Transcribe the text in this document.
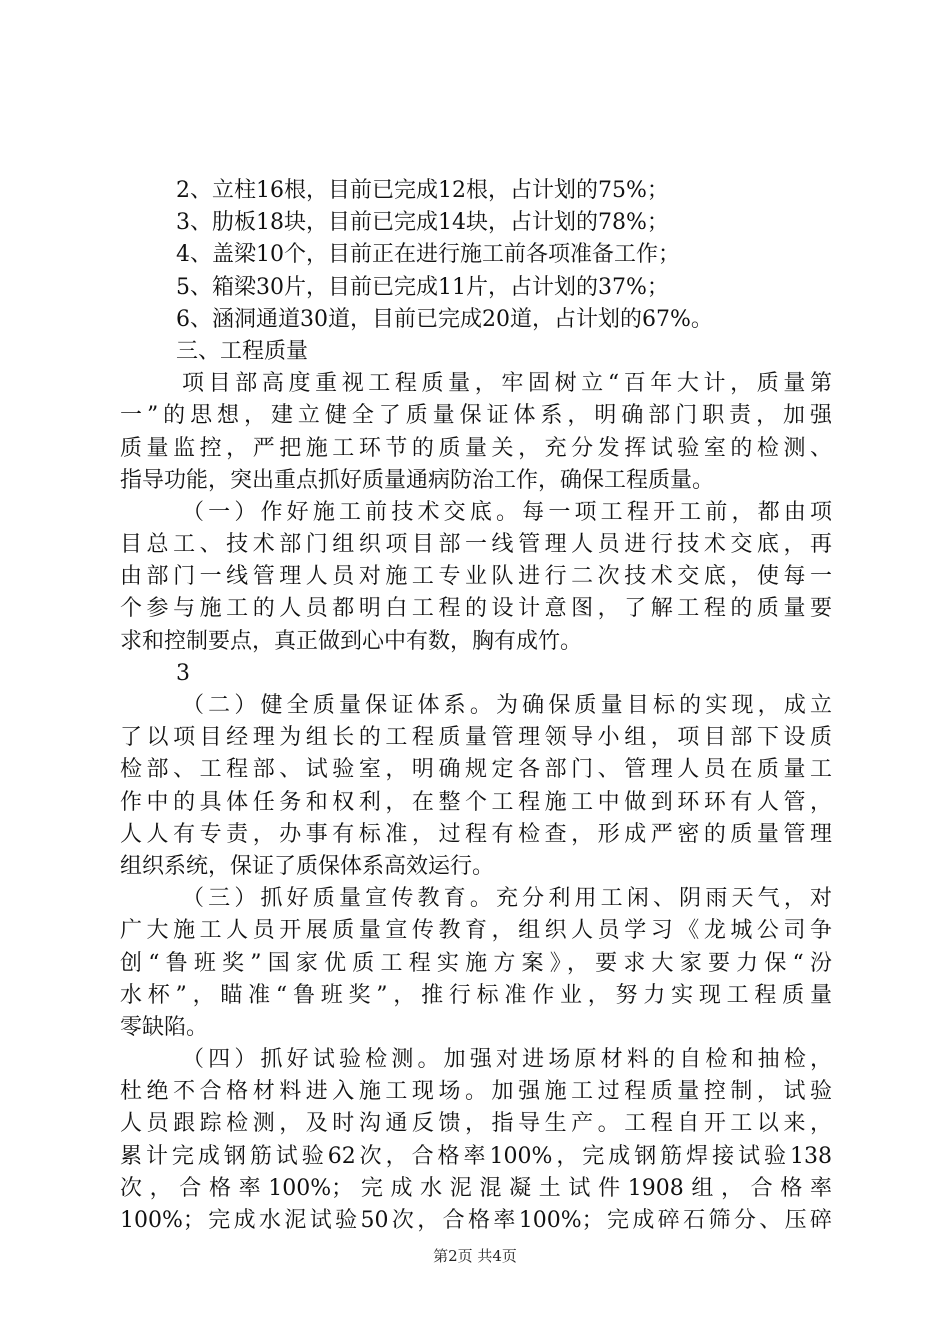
2、立柱16根，目前已完成12根，占计划的75%；
3、肋板18块，目前已完成14块，占计划的78%；
4、盖梁10个，目前正在进行施工前各项准备工作；
5、箱梁30片，目前已完成11片，占计划的37%；
6、涵洞通道30道，目前已完成20道，占计划的67%。
三、工程质量
项目部高度重视工程质量，牢固树立“百年大计，质量第
一”的思想，建立健全了质量保证体系，明确部门职责，加强
质量监控，严把施工环节的质量关，充分发挥试验室的检测、
指导功能，突出重点抓好质量通病防治工作，确保工程质量。
（一）作好施工前技术交底。每一项工程开工前，都由项
目总工、技术部门组织项目部一线管理人员进行技术交底，再
由部门一线管理人员对施工专业队进行二次技术交底，使每一
个参与施工的人员都明白工程的设计意图，了解工程的质量要
求和控制要点，真正做到心中有数，胸有成竹。
3
（二）健全质量保证体系。为确保质量目标的实现，成立
了以项目经理为组长的工程质量管理领导小组，项目部下设质
检部、工程部、试验室，明确规定各部门、管理人员在质量工
作中的具体任务和权利，在整个工程施工中做到环环有人管，
人人有专责，办事有标准，过程有检查，形成严密的质量管理
组织系统，保证了质保体系高效运行。
（三）抓好质量宣传教育。充分利用工闲、阴雨天气，对
广大施工人员开展质量宣传教育，组织人员学习《龙城公司争
创“鲁班奖”国家优质工程实施方案》，要求大家要力保“汾
水杯”，瞄准“鲁班奖”，推行标准作业，努力实现工程质量
零缺陷。
（四）抓好试验检测。加强对进场原材料的自检和抽检，
杜绝不合格材料进入施工现场。加强施工过程质量控制，试验
人员跟踪检测，及时沟通反馈，指导生产。工程自开工以来，
累计完成钢筋试验62次，合格率100%，完成钢筋焊接试验138
次，合格率100%；完成水泥混凝土试件1908组，合格率
100%；完成水泥试验50次，合格率100%；完成碎石筛分、压碎
第2页 共4页
